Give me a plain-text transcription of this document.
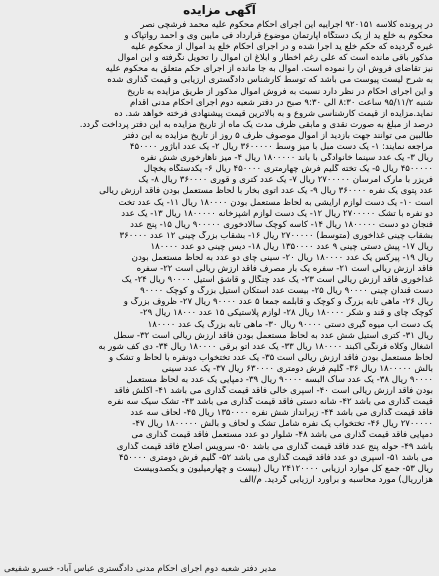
آگهی مزایده
در پرونده کلاسه ۹۲۰۱۵۱ اجراییه این اجرای احکام محکوم علیه محمد فرشچی نصر
محکوم به خلع ید از یک دستگاه آپارتمان موضوع قرارداد فی مابین وی و احمد رواتپاک و
غیره گردیده که حکم خلع ید اجرا شده و در اجرای احکام خلع ید اموال از محکوم علیه
مذکور باقی مانده است که علی رغم اخطار و ابلاغ آن اموال را تحویل نگرفته و این اموال
نیز تقاضای فروش آن را نموده است. اموال به جا مانده از اجرای حکم متعلق به محکوم علیه
به شرح لیست پیوست می باشد که توسط کارشناس دادگستری ارزیابی و قیمت گذاری شده
و این اجرای احکام در نظر دارد نسبت به فروش اموال مذکور از طریق مزایده به تاریخ
شنبه ۹۵/۱۱/۲ ساعت ۸:۳۰ الی ۹:۳۰ صبح در دفتر شعبه دوم اجرای احکام مدنی اقدام
نماید.مزایده از قیمت کارشناسی شروع و به بالاترین قیمت پیشنهادی فرخته خواهد شد. ده
درصد از مبلغ به صورت نقدی و مابقی ظرف مدت یک ماه از تاریخ مزایده به این دفتر پرداخت گردد.
طالبین می توانند جهت بازدید از اموال موصوف ظرف ۵ روز از تاریخ مزایده به این دفتر
مراجعه نمایند: ۱- یک دست مبل با میز وسط ۳۶۰۰۰۰۰ ریال ۲- یک عدد آباژور ۴۵۰۰۰۰
ریال ۳- یک عدد سینما خانوادگی با باند ۱۸۰۰۰۰۰ ریال ۴- میز ناهارخوری شش نفره
۴۵۰۰۰۰۰ ریال ۵- یک تخته گلیم فرش چهارمتری ۴۵۰۰۰۰ ریال ۶- یکدستگاه یخچال
فریزر با مارک امرسان ۲۷۰۰۰۰۰ ریال ۷- یک عدد کتری و قوری ۳۶۰۰۰۰ ریال ۸- یک
عدد پتوی یک نفره ۳۶۰۰۰۰ ریال ۹- یک عدد اتوی بخار با لحاظ مستعمل بودن فاقد ارزش ریالی
است ۱۰- یک دست لوازم آرایشی به لحاظ مستعمل بودن ۱۸۰۰۰۰ ریال ۱۱- یک عدد تخت
دو نفره با تشک ۲۷۰۰۰۰۰ ریال ۱۲- یک دست لوازم آشپزخانه ۱۸۰۰۰۰۰ ریال ۱۳- یک عدد
فنجان دو دست ۱۸۰۰۰۰۰ ریال ۱۴- کاسه کوچک سالادخوری ۹۰۰۰۰۰ ریال ۱۵- پنج عدد
بشقاب چینی غذاخوری (متوسط) ۲۷۰۰۰۰۰ ریال ۱۶- بشقاب بزرگ چینی ۱۲ عدد ۳۶۰۰۰۰
ریال ۱۷- پیش دستی چینی ۹ عدد ۱۳۵۰۰۰۰ ریال ۱۸- دیس چینی دو عدد ۱۸۰۰۰۰
ریال ۱۹- پیرکس یک عدد ۱۸۰۰۰۰ ریال ۲۰- سینی چای دو عدد به لحاظ مستعمل بودن
فاقد ارزش ریالی است ۲۱- سفره یک بار مصرف فاقد ارزش ریالی است ۲۲- سفره
غذاخوری فاقد ارزش ریالی است ۲۳- یک عدد چنگال و قاشق استیل ۹۰۰۰۰ ریال ۲۴- یک
دست قندان چینی ۹۰۰۰۰ ریال ۲۵- بیست عدد استکان استیل بزرگ و کوچک ۹۰۰۰۰
ریال ۲۶- ماهی تابه بزرگ و کوچک و قابلمه جمعا ۵ عدد ۹۰۰۰۰ ریال ۲۷- ظروف بزرگ و
کوچک چای و قند و شکر ۱۸۰۰۰۰ ریال ۲۸- لوازم پلاستیکی ۱۵ عدد ۱۸۰۰۰ ریال ۲۹-
یک دست آب میوه گیری دستی ۹۰۰۰۰ ریال ۳۰- ماهی تابه بزرگ یک عدد ۱۸۰۰۰۰
ریال ۳۱- کتری استیل شش عدد به لحاظ مستعمل بودن فاقد ارزش ریالی است ۳۲- سطل
آشغال وکلاه فرنگی آکبند ۱۸۰۰۰۰ ریال ۳۳- یک عدد اتو برقی ۱۸۰۰۰۰ ریال ۳۴- دی کف شور به
لحاظ مستعمل بودن فاقد ارزش ریالی است ۳۵- یک عدد تختخواب دونفره با لحاظ و تشک و
بالش ۱۸۰۰۰۰۰ ریال ۳۶- گلیم فرش دومتری ۶۳۰۰۰۰ ریال ۳۷- یک عدد سینی
۹۰۰۰۰ ریال ۳۸- یک عدد ساک البسه ۹۰۰۰۰ ریال ۳۹- دمپایی یک عدد به لحاظ مستعمل
بودن فاقد ارزش ریالی است ۴۰- اسپری خالی فاقد قیمت گذاری می باشد ۴۱- اکلش فاقد
قیمت گذاری می باشد ۴۲- شانه دستی فاقد قیمت گذاری می باشد ۴۳- تشک سیک سه نفره
فاقد قیمت گذاری می باشد ۴۴- زیرانداز شش نفره ۱۳۵۰۰۰۰ ریال ۴۵- لحاف سه عدد
۲۷۰۰۰۰۰ ریال ۴۶- تختخواب یک نفره شامل تشک و لحاف و بالش ۱۸۰۰۰۰۰ ریال ۴۷-
دمپایی فاقد قیمت گذاری می باشد ۴۸- شلوار دو عدد مستعمل فاقد قیمت گذاری می
باشد ۴۹- حوله پنج عدد فاقد قیمت گذاری می باشد ۵۰- سرویس اصلاح فاقد قیمت گذاری
می باشد ۵۱- اسپری دو عدد فاقد قیمت گذاری می باشد ۵۲- گلیم فرش دومتری ۴۵۰۰۰۰
ریال ۵۳- جمع کل موارد ارزیابی ۲۴۱۲۰۰۰۰ ریال (بیست و چهارمیلیون و یکصدوبیست
هزارریال) مورد محاسبه و برآورد ارزیابی گردید. م/الف
مدیر دفتر شعبه دوم اجرای احکام مدنی دادگستری عباس آباد- خسرو شفیعی
